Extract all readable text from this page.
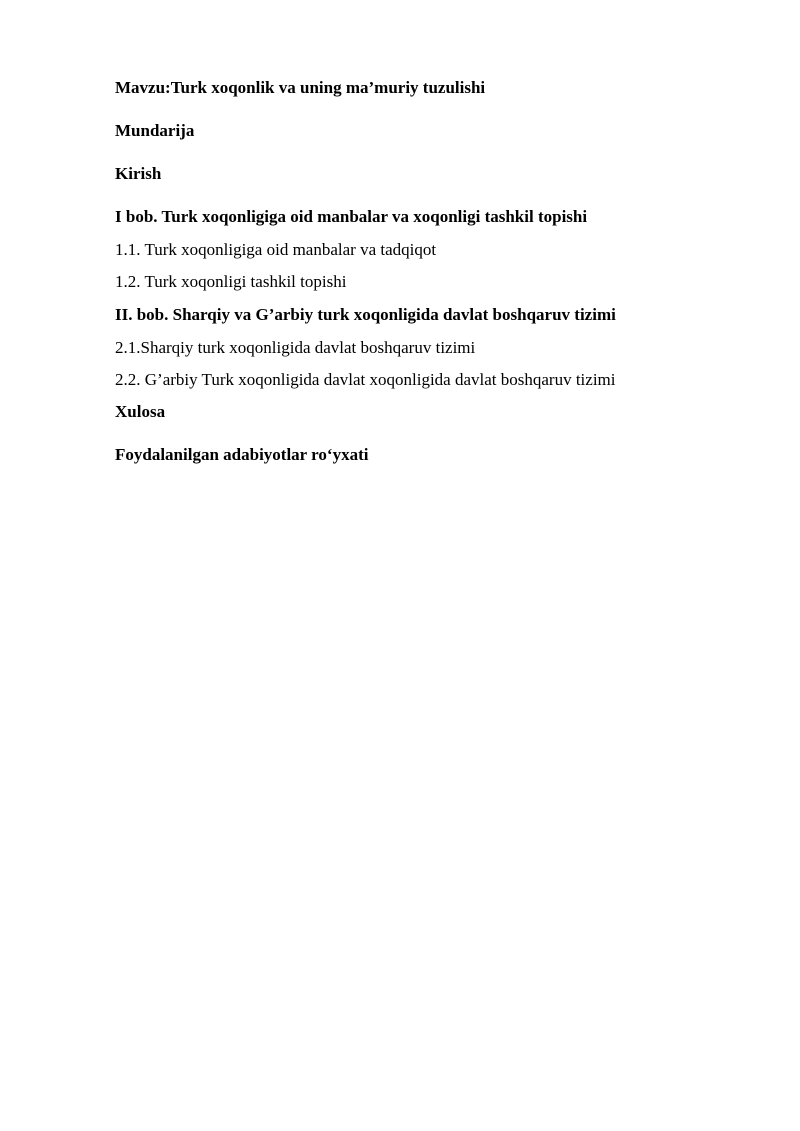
Mavzu:Turk xoqonlik va uning ma’muriy tuzulishi
Mundarija
Kirish
I bob. Turk xoqonligiga oid manbalar va xoqonligi tashkil topishi
1.1. Turk xoqonligiga oid manbalar va tadqiqot
1.2. Turk xoqonligi tashkil topishi
II. bob. Sharqiy va G’arbiy turk xoqonligida davlat boshqaruv tizimi
2.1.Sharqiy turk xoqonligida davlat boshqaruv tizimi
2.2. G’arbiy Turk xoqonligida davlat xoqonligida davlat boshqaruv tizimi
Xulosa
Foydalanilgan adabiyotlar ro‘yxati
